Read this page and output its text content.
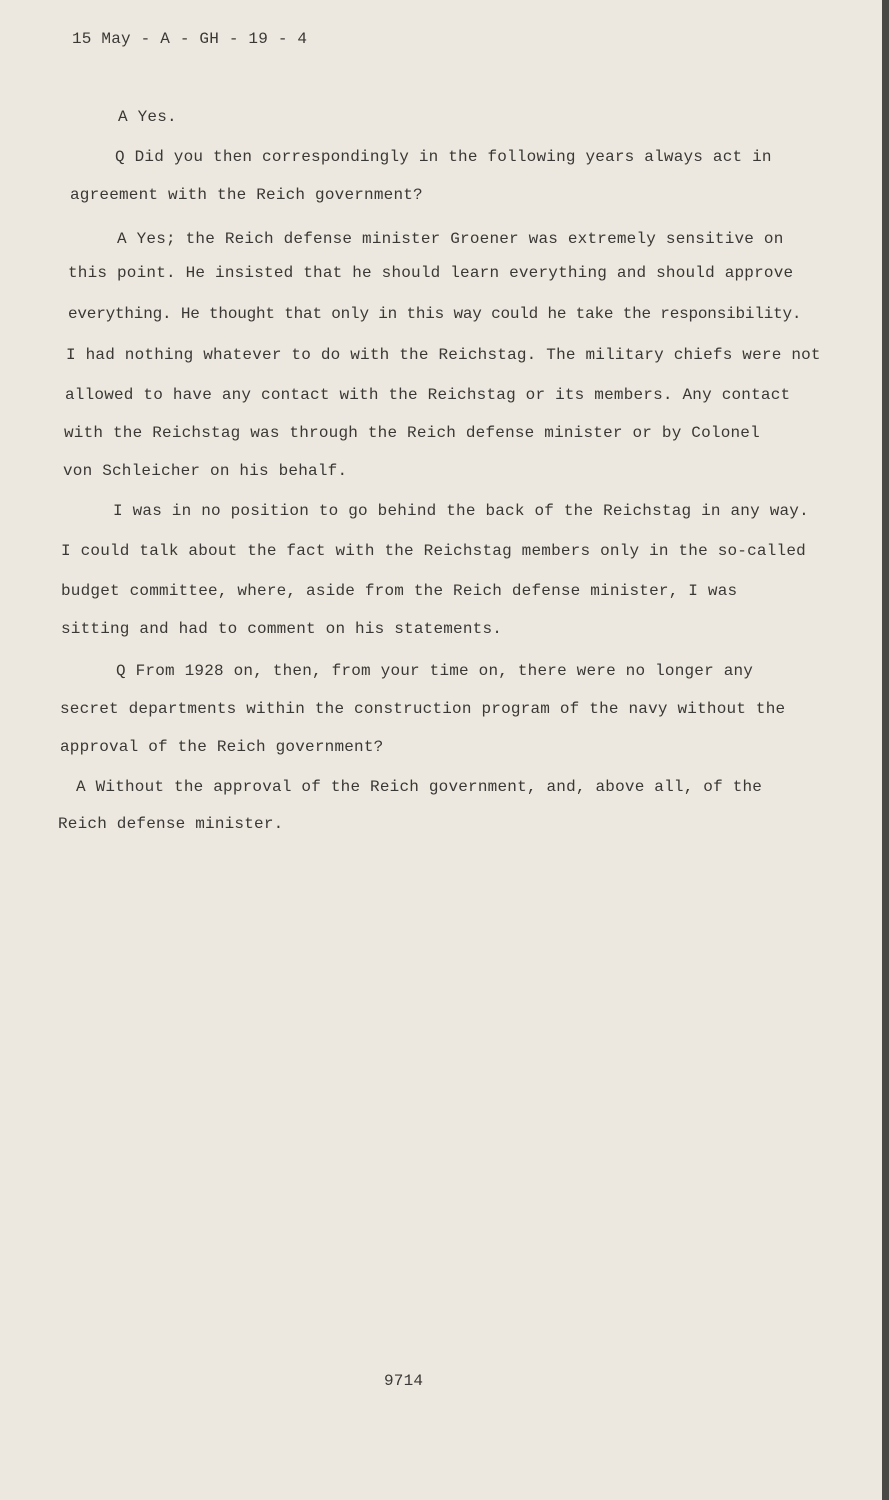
15 May - A - GH - 19 - 4
A Yes.
Q Did you then correspondingly in the following years always act in
agreement with the Reich government?
A Yes; the Reich defense minister Groener was extremely sensitive on
this point. He insisted that he should learn everything and should approve
everything. He thought that only in this way could he take the responsibility.
I had nothing whatever to do with the Reichstag. The military chiefs were not
allowed to have any contact with the Reichstag or its members. Any contact
with the Reichstag was through the Reich defense minister or by Colonel
von Schleicher on his behalf.
I was in no position to go behind the back of the Reichstag in any way.
I could talk about the fact with the Reichstag members only in the so-called
budget committee, where, aside from the Reich defense minister, I was
sitting and had to comment on his statements.
Q From 1928 on, then, from your time on, there were no longer any
secret departments within the construction program of the navy without the
approval of the Reich government?
A Without the approval of the Reich government, and, above all, of the
Reich defense minister.
9714
